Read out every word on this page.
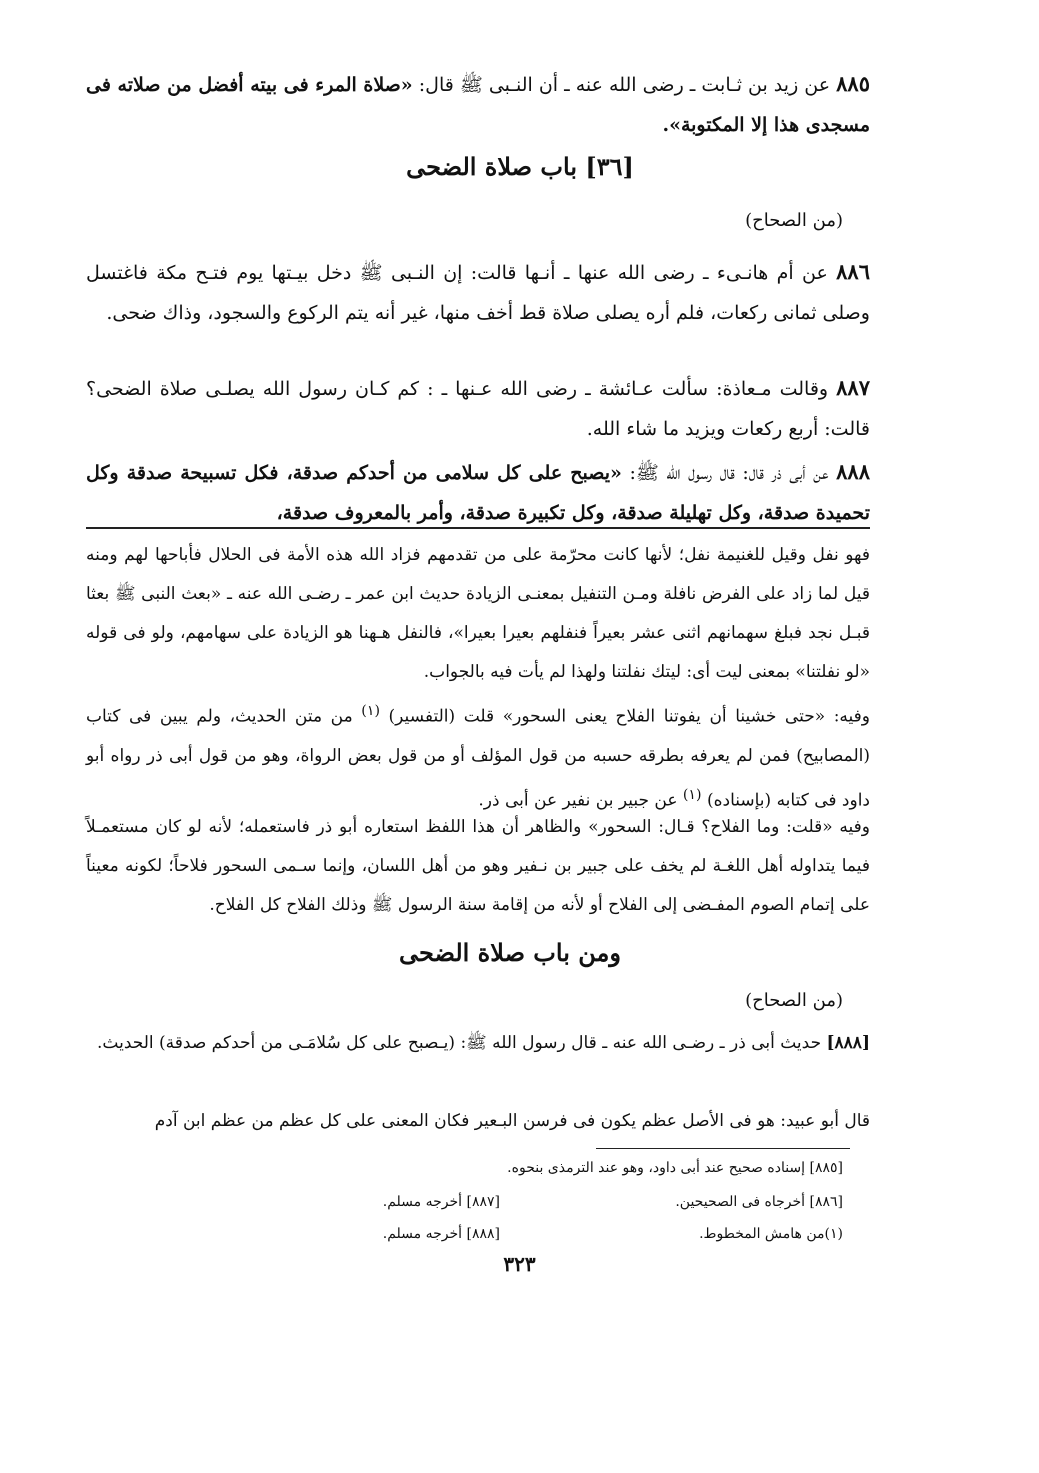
٨٨٥ عن زيد بن ثـابت ـ رضى الله عنه ـ أن النـبى ﷺ قال: «صلاة المرء فى بيته أفضل من صلاته فى مسجدى هذا إلا المكتوبة».
[٣٦] باب صلاة الضحى
(من الصحاح)
٨٨٦ عن أم هانـىء ـ رضى الله عنها ـ أنـها قالت: إن النـبى ﷺ دخل بيـتها يوم فتـح مكة فاغتسل وصلى ثمانى ركعات، فلم أره يصلى صلاة قط أخف منها، غير أنه يتم الركوع والسجود، وذاك ضحى.
٨٨٧ وقالت مـعاذة: سألت عـائشة ـ رضى الله عـنها ـ : كم كـان رسول الله يصلـى صلاة الضحى؟ قالت: أربع ركعات ويزيد ما شاء الله.
٨٨٨ عن أبى ذر قال: قال رسول الله ﷺ: «يصبح على كل سلامى من أحدكم صدقة، فكل تسبيحة صدقة وكل تحميدة صدقة، وكل تهليلة صدقة، وكل تكبيرة صدقة، وأمر بالمعروف صدقة،
فهو نفل وقيل للغنيمة نفل؛ لأنها كانت محرّمة على من تقدمهم فزاد الله هذه الأمة فى الحلال فأباحها لهم ومنه قيل لما زاد على الفرض نافلة ومـن التنفيل بمعنـى الزيادة حديث ابن عمر ـ رضـى الله عنه ـ «بعث النبى ﷺ بعثا قبـل نجد فبلغ سهمانهم اثنى عشر بعيراً فنفلهم بعيرا بعيرا»، فالنفل هـهنا هو الزيادة على سهامهم، ولو فى قوله «لو نفلتنا» بمعنى ليت أى: ليتك نفلتنا ولهذا لم يأت فيه بالجواب.
وفيه: «حتى خشينا أن يفوتنا الفلاح يعنى السحور» قلت (التفسير) $^{(١)}$ من متن الحديث، ولم يبين فى كتاب (المصابيح) فمن لم يعرفه بطرقه حسبه من قول المؤلف أو من قول بعض الرواة، وهو من قول أبى ذر رواه أبو داود فى كتابه (بإسناده) $^{(١)}$ عن جبير بن نفير عن أبى ذر.
وفيه «قلت: وما الفلاح؟ قـال: السحور» والظاهر أن هذا اللفظ استعاره أبو ذر فاستعمله؛ لأنه لو كان مستعمـلاً فيما يتداوله أهل اللغـة لم يخف على جبير بن نـفير وهو من أهل اللسان، وإنما سـمى السحور فلاحاً؛ لكونه معيناً على إتمام الصوم المفـضى إلى الفلاح أو لأنه من إقامة سنة الرسول ﷺ وذلك الفلاح كل الفلاح.
ومن باب صلاة الضحى
(من الصحاح)
[٨٨٨] حديث أبى ذر ـ رضـى الله عنه ـ قال رسول الله ﷺ: (يـصبح على كل سُلامَـى من أحدكم صدقة) الحديث.
قال أبو عبيد: هو فى الأصل عظم يكون فى فرسن البـعير فكان المعنى على كل عظم من عظم ابن آدم
[٨٨٥] إسناده صحيح عند أبى داود، وهو عند الترمذى بنحوه.
[٨٨٦] أخرجاه فى الصحيحين.
[٨٨٧] أخرجه مسلم.
(١)من هامش المخطوط.
[٨٨٨] أخرجه مسلم.
٣٢٣
